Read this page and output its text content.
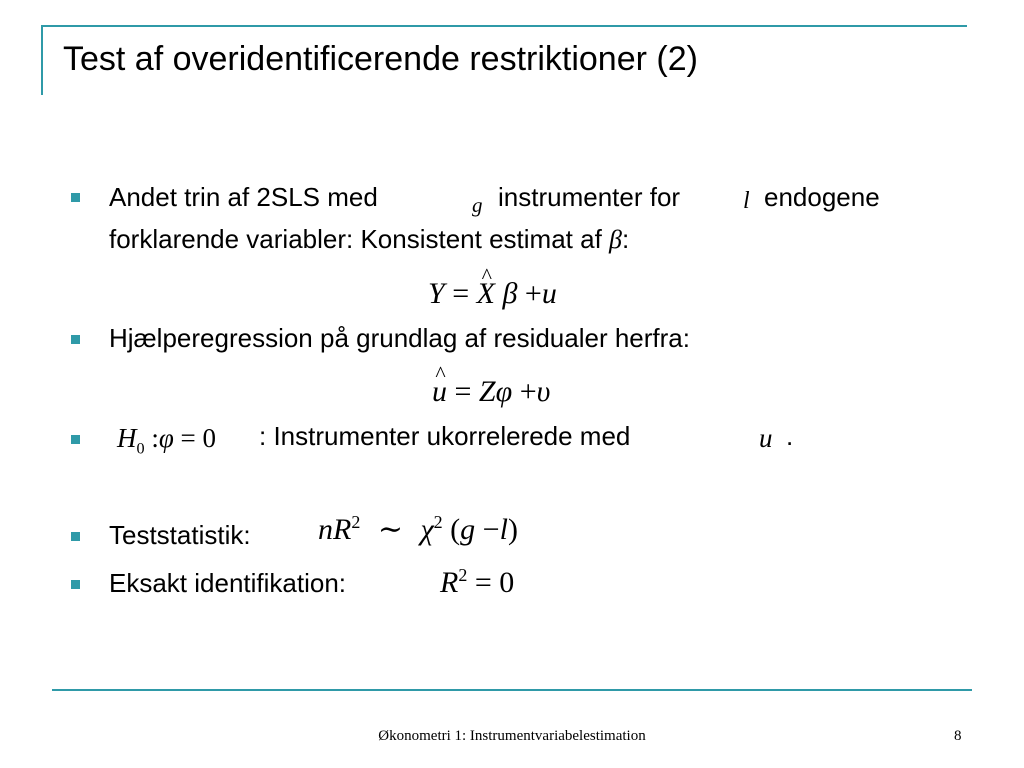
Test af overidentificerende restriktioner (2)
Andet trin af 2SLS med	g instrumenter for	l endogene
forklarende variabler: Konsistent estimat af β:
Y = ^ X β +u
Hjælperegression på grundlag af residualer herfra:
^ u = Zφ +υ
$H_0$ :φ = 0 : Instrumenter ukorrelerede med	u .
Teststatistik: $nR^2$ ∼ $\chi^2$ (g −l)
Eksakt identifikation:	$R^2 = 0$
Økonometri 1: Instrumentvariabelestimation	8
